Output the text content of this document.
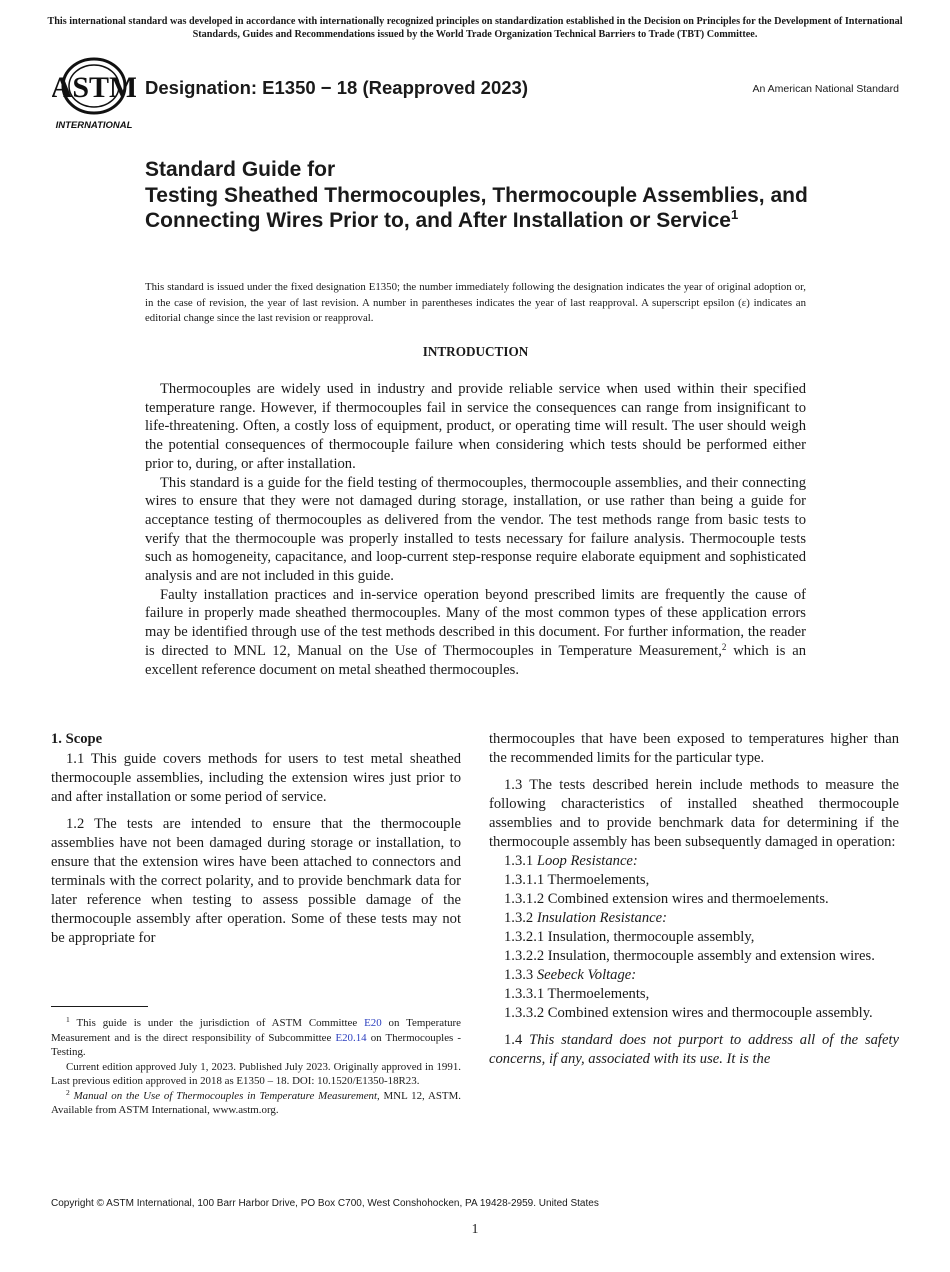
This international standard was developed in accordance with internationally recognized principles on standardization established in the Decision on Principles for the Development of International Standards, Guides and Recommendations issued by the World Trade Organization Technical Barriers to Trade (TBT) Committee.
ASTM
INTERNATIONAL
Designation: E1350 − 18 (Reapproved 2023)	An American National Standard
Standard Guide for
Testing Sheathed Thermocouples, Thermocouple Assemblies, and Connecting Wires Prior to, and After Installation or Service$^1$
This standard is issued under the fixed designation E1350; the number immediately following the designation indicates the year of original adoption or, in the case of revision, the year of last revision. A number in parentheses indicates the year of last reapproval. A superscript epsilon (ε) indicates an editorial change since the last revision or reapproval.
INTRODUCTION

Thermocouples are widely used in industry and provide reliable service when used within their specified temperature range. However, if thermocouples fail in service the consequences can range from insignificant to life-threatening. Often, a costly loss of equipment, product, or operating time will result. The user should weigh the potential consequences of thermocouple failure when considering which tests should be performed either prior to, during, or after installation.

This standard is a guide for the field testing of thermocouples, thermocouple assemblies, and their connecting wires to ensure that they were not damaged during storage, installation, or use rather than being a guide for acceptance testing of thermocouples as delivered from the vendor. The test methods range from basic tests to verify that the thermocouple was properly installed to tests necessary for failure analysis. Thermocouple tests such as homogeneity, capacitance, and loop-current step-response require elaborate equipment and sophisticated analysis and are not included in this guide.

Faulty installation practices and in-service operation beyond prescribed limits are frequently the cause of failure in properly made sheathed thermocouples. Many of the most common types of these application errors may be identified through use of the test methods described in this document. For further information, the reader is directed to MNL 12, Manual on the Use of Thermocouples in Temperature Measurement,$^2$ which is an excellent reference document on metal sheathed thermocouples.

1. Scope

1.1 This guide covers methods for users to test metal sheathed thermocouple assemblies, including the extension wires just prior to and after installation or some period of service.

1.2 The tests are intended to ensure that the thermocouple assemblies have not been damaged during storage or installation, to ensure that the extension wires have been attached to connectors and terminals with the correct polarity, and to provide benchmark data for later reference when testing to assess possible damage of the thermocouple assembly after operation. Some of these tests may not be appropriate for

thermocouples that have been exposed to temperatures higher than the recommended limits for the particular type.

1.3 The tests described herein include methods to measure the following characteristics of installed sheathed thermocouple assemblies and to provide benchmark data for determining if the thermocouple assembly has been subsequently damaged in operation:

1.3.1 Loop Resistance:

1.3.1.1 Thermoelements,

1.3.1.2 Combined extension wires and thermoelements.

1.3.2 Insulation Resistance:

1.3.2.1 Insulation, thermocouple assembly,

1.3.2.2 Insulation, thermocouple assembly and extension wires.

1.3.3 Seebeck Voltage:

1.3.3.1 Thermoelements,

1.3.3.2 Combined extension wires and thermocouple assembly.

1.4 This standard does not purport to address all of the safety concerns, if any, associated with its use. It is the

$^1$ This guide is under the jurisdiction of ASTM Committee E20 on Temperature Measurement and is the direct responsibility of Subcommittee E20.14 on Thermocouples - Testing.

Current edition approved July 1, 2023. Published July 2023. Originally approved in 1991. Last previous edition approved in 2018 as E1350 – 18. DOI: 10.1520/E1350-18R23.

$^2$ Manual on the Use of Thermocouples in Temperature Measurement, MNL 12, ASTM. Available from ASTM International, www.astm.org.

Copyright © ASTM International, 100 Barr Harbor Drive, PO Box C700, West Conshohocken, PA 19428-2959. United States
1
